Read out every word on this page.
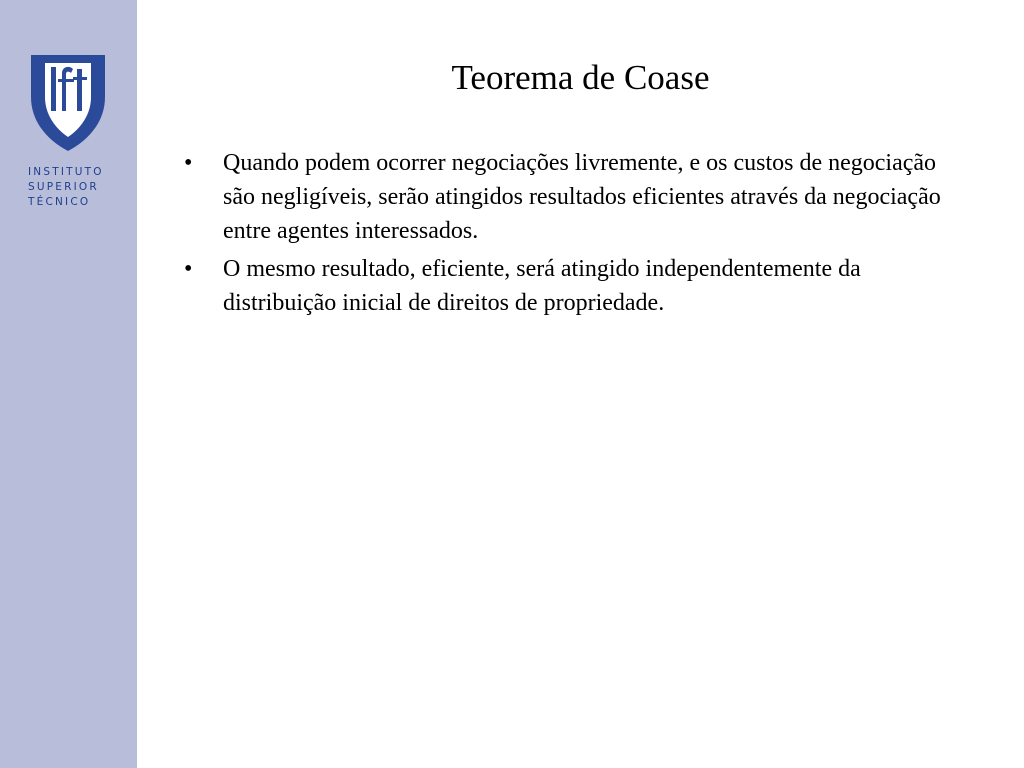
INSTITUTO
SUPERIOR
TÉCNICO
Teorema de Coase
•	Quando podem ocorrer negociações livremente, e os custos de negociação são negligíveis, serão atingidos resultados eficientes através da negociação entre agentes interessados.
•	O mesmo resultado, eficiente, será atingido independentemente da distribuição inicial de direitos de propriedade.
